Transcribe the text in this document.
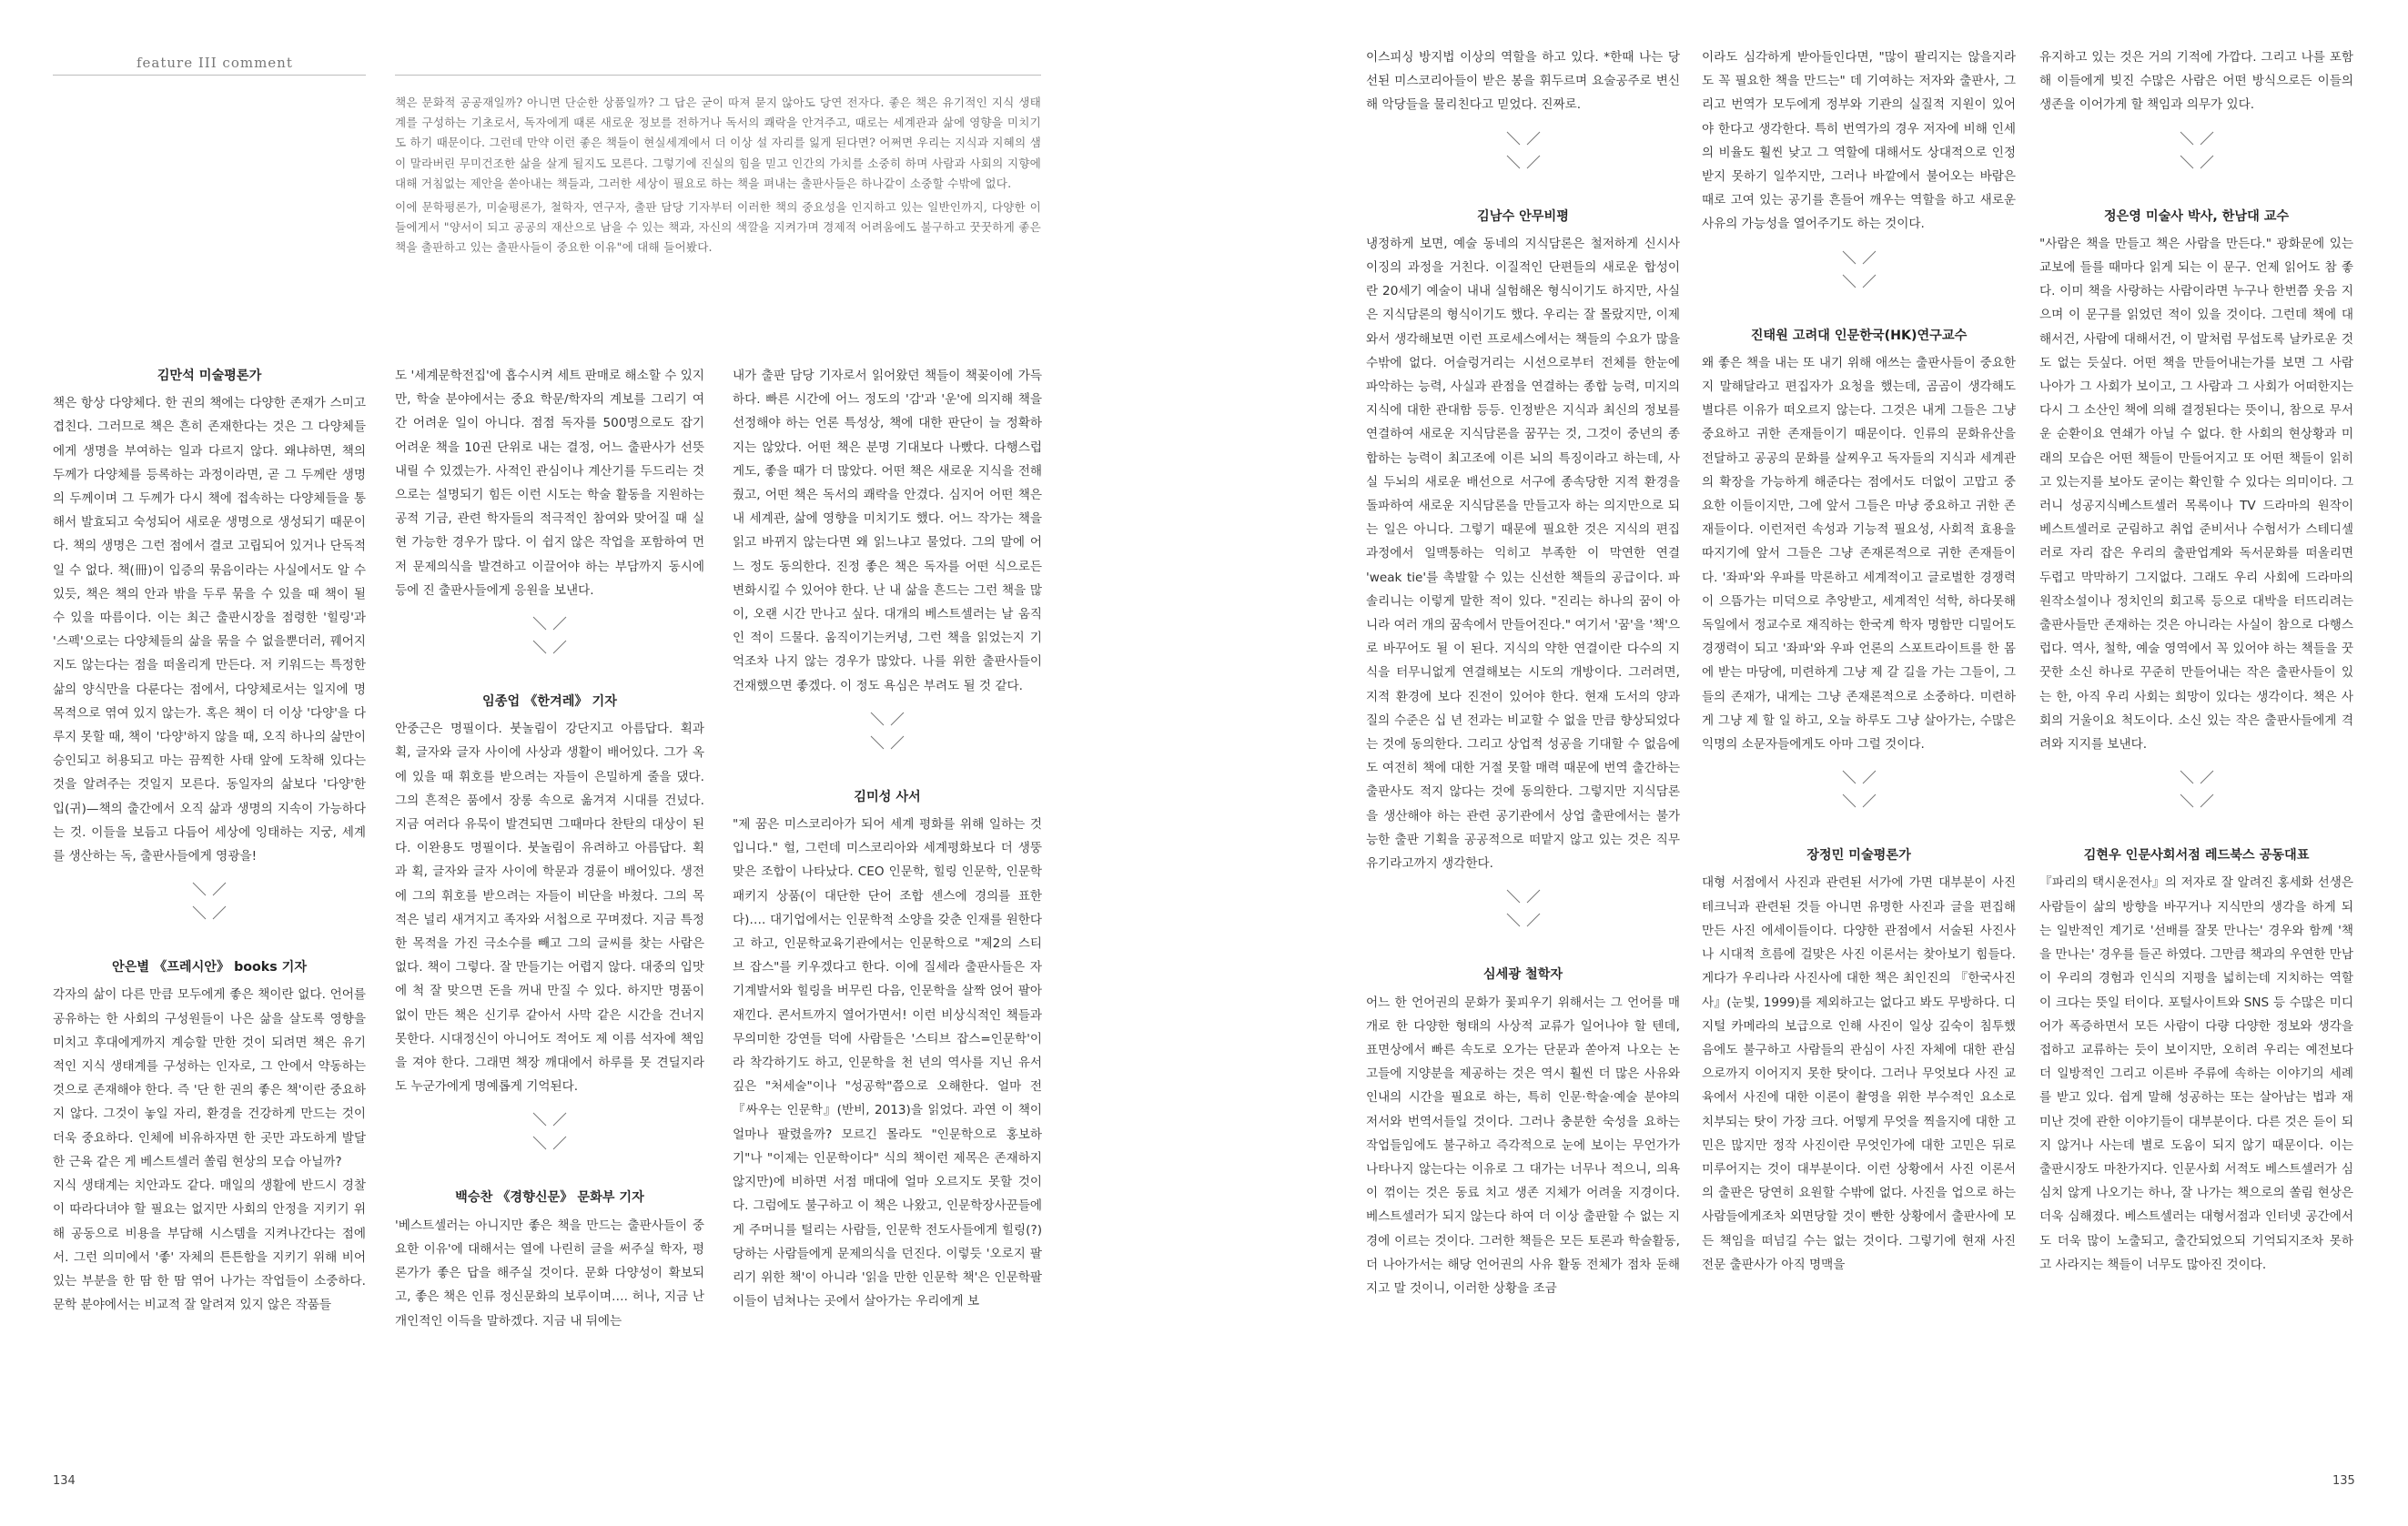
feature III comment

책은 문화적 공공재일까? 아니면 단순한 상품일까? 그 답은 굳이 따져 묻지 않아도 당연 전자다. 좋은 책은 유기적인 지식 생태계를 구성하는 기초로서, 독자에게 때론 새로운 정보를 전하거나 독서의 쾌락을 안겨주고, 때로는 세계관과 삶에 영향을 미치기도 하기 때문이다. 그런데 만약 이런 좋은 책들이 현실세계에서 더 이상 설 자리를 잃게 된다면? 어쩌면 우리는 지식과 지혜의 샘이 말라버린 무미건조한 삶을 살게 될지도 모른다. 그렇기에 진실의 힘을 믿고 인간의 가치를 소중히 하며 사람과 사회의 지향에 대해 거침없는 제안을 쏟아내는 책들과, 그러한 세상이 필요로 하는 책을 펴내는 출판사들은 하나같이 소중할 수밖에 없다.

이에 문학평론가, 미술평론가, 철학자, 연구자, 출판 담당 기자부터 이러한 책의 중요성을 인지하고 있는 일반인까지, 다양한 이들에게서 "양서이 되고 공공의 재산으로 남을 수 있는 책과, 자신의 색깔을 지켜가며 경제적 어려움에도 불구하고 꿋꿋하게 좋은 책을 출판하고 있는 출판사들이 중요한 이유"에 대해 들어봤다.

김만석 미술평론가

책은 항상 다양체다. 한 권의 책에는 다양한 존재가 스미고 겹친다. 그러므로 책은 흔히 존재한다는 것은 그 다양체들에게 생명을 부여하는 일과 다르지 않다. 왜냐하면, 책의 두께가 다양체를 등록하는 과정이라면, 곧 그 두께란 생명의 두께이며 그 두께가 다시 책에 접속하는 다양체들을 통해서 발효되고 숙성되어 새로운 생명으로 생성되기 때문이다. 책의 생명은 그런 점에서 결코 고립되어 있거나 단독적일 수 없다. 책(冊)이 입증의 묶음이라는 사실에서도 알 수 있듯, 책은 책의 안과 밖을 두루 묶을 수 있을 때 책이 될 수 있을 따름이다. 이는 최근 출판시장을 점령한 '힐링'과 '스펙'으로는 다양체들의 삶을 묶을 수 없을뿐더러, 꿰어지지도 않는다는 점을 떠올리게 만든다. 저 키워드는 특정한 삶의 양식만을 다룬다는 점에서, 다양체로서는 일지에 명목적으로 엮여 있지 않는가. 혹은 책이 더 이상 '다양'을 다루지 못할 때, 책이 '다양'하지 않을 때, 오직 하나의 삶만이 승인되고 허용되고 마는 끔찍한 사태 앞에 도착해 있다는 것을 알려주는 것일지 모른다. 동일자의 삶보다 '다양'한 입(귀)—책의 출간에서 오직 삶과 생명의 지속이 가능하다는 것. 이들을 보듬고 다듬어 세상에 잉태하는 지궁, 세계를 생산하는 독, 출판사들에게 영광을!

안은별 《프레시안》 books 기자

각자의 삶이 다른 만큼 모두에게 좋은 책이란 없다. 언어를 공유하는 한 사회의 구성원들이 나은 삶을 살도록 영향을 미치고 후대에게까지 계승할 만한 것이 되려면 책은 유기적인 지식 생태계를 구성하는 인자로, 그 안에서 약동하는 것으로 존재해야 한다. 즉 '단 한 권의 좋은 책'이란 중요하지 않다. 그것이 놓일 자리, 환경을 건강하게 만드는 것이 더욱 중요하다. 인체에 비유하자면 한 곳만 과도하게 발달한 근육 같은 게 베스트셀러 쏠림 현상의 모습 아닐까?

지식 생태계는 치안과도 같다. 매일의 생활에 반드시 경찰이 따라다녀야 할 필요는 없지만 사회의 안정을 지키기 위해 공동으로 비용을 부담해 시스템을 지켜나간다는 점에서. 그런 의미에서 '좋' 자체의 튼튼함을 지키기 위해 비어 있는 부분을 한 땀 한 땀 엮어 나가는 작업들이 소중하다. 문학 분야에서는 비교적 잘 알려져 있지 않은 작품들

도 '세계문학전집'에 흡수시켜 세트 판매로 해소할 수 있지만, 학술 분야에서는 중요 학문/학자의 계보를 그리기 여간 어려운 일이 아니다. 점점 독자를 500명으로도 잡기 어려운 책을 10권 단위로 내는 결정, 어느 출판사가 선뜻 내릴 수 있겠는가. 사적인 관심이나 계산기를 두드리는 것으로는 설명되기 힘든 이런 시도는 학술 활동을 지원하는 공적 기금, 관련 학자들의 적극적인 참여와 맞어질 때 실현 가능한 경우가 많다. 이 쉽지 않은 작업을 포함하여 먼저 문제의식을 발견하고 이끌어야 하는 부담까지 동시에 등에 진 출판사들에게 응원을 보낸다.

임종업 《한겨레》 기자

안중근은 명필이다. 붓놀림이 강단지고 아름답다. 획과 획, 글자와 글자 사이에 사상과 생활이 배어있다. 그가 옥에 있을 때 휘호를 받으려는 자들이 은밀하게 줄을 댔다. 그의 흔적은 품에서 장롱 속으로 옮겨져 시대를 건넜다. 지금 여러다 유묵이 발견되면 그때마다 찬탄의 대상이 된다. 이완용도 명필이다. 붓놀림이 유려하고 아름답다. 획과 획, 글자와 글자 사이에 학문과 경륜이 배어있다. 생전에 그의 휘호를 받으려는 자들이 비단을 바쳤다. 그의 목적은 널리 새겨지고 족자와 서첩으로 꾸며졌다. 지금 특정한 목적을 가진 극소수를 빼고 그의 글씨를 찾는 사람은 없다. 책이 그렇다. 잘 만들기는 어렵지 않다. 대중의 입맛에 척 잘 맞으면 돈을 꺼내 만질 수 있다. 하지만 명품이 없이 만든 책은 신기루 같아서 사막 같은 시간을 건너지 못한다. 시대정신이 아니어도 적어도 제 이름 석자에 책임을 져야 한다. 그래면 책장 깨대에서 하루를 못 견딜지라도 누군가에게 명예롭게 기억된다.

백승찬 《경향신문》 문화부 기자

'베스트셀러는 아니지만 좋은 책을 만드는 출판사들이 중요한 이유'에 대해서는 열에 나린히 글을 써주실 학자, 평론가가 좋은 답을 해주실 것이다. 문화 다양성이 확보되고, 좋은 책은 인류 정신문화의 보루이며…. 허나, 지금 난 개인적인 이득을 말하겠다. 지금 내 뒤에는

내가 출판 담당 기자로서 읽어왔던 책들이 책꽂이에 가득하다. 빠른 시간에 어느 정도의 '감'과 '운'에 의지해 책을 선정해야 하는 언론 특성상, 책에 대한 판단이 늘 정확하지는 않았다. 어떤 책은 분명 기대보다 나빴다. 다행스럽게도, 좋을 때가 더 많았다. 어떤 책은 새로운 지식을 전해줬고, 어떤 책은 독서의 쾌락을 안겼다. 심지어 어떤 책은 내 세계관, 삶에 영향을 미치기도 했다. 어느 작가는 책을 읽고 바뀌지 않는다면 왜 읽느냐고 물었다. 그의 말에 어느 정도 동의한다. 진정 좋은 책은 독자를 어떤 식으로든 변화시킬 수 있어야 한다. 난 내 삶을 흔드는 그런 책을 많이, 오랜 시간 만나고 싶다. 대개의 베스트셀러는 날 움직인 적이 드물다. 움직이기는커녕, 그런 책을 읽었는지 기억조차 나지 않는 경우가 많았다. 나를 위한 출판사들이 건재했으면 좋겠다. 이 정도 욕심은 부려도 될 것 같다.

김미성 사서

"제 꿈은 미스코리아가 되어 세계 평화를 위해 일하는 것입니다." 헐, 그런데 미스코리아와 세계평화보다 더 생뚱맞은 조합이 나타났다. CEO 인문학, 힐링 인문학, 인문학 패키지 상품(이 대단한 단어 조합 센스에 경의를 표한다)…. 대기업에서는 인문학적 소양을 갖춘 인재를 원한다고 하고, 인문학교육기관에서는 인문학으로 "제2의 스티브 잡스"를 키우겠다고 한다. 이에 질세라 출판사들은 자기계발서와 힐링을 버무린 다음, 인문학을 살짝 얹어 팔아 재낀다. 콘서트까지 열어가면서! 이런 비상식적인 책들과 무의미한 강연들 덕에 사람들은 '스티브 잡스=인문학'이라 착각하기도 하고, 인문학을 천 년의 역사를 지닌 유서 깊은 "처세술"이나 "성공학"쯤으로 오해한다. 얼마 전 『싸우는 인문학』(반비, 2013)을 읽었다. 과연 이 책이 얼마나 팔렸을까? 모르긴 몰라도 "인문학으로 홍보하기"나 "이제는 인문학이다" 식의 책이런 제목은 존재하지 않지만)에 비하면 서점 매대에 얼마 오르지도 못할 것이다. 그럼에도 불구하고 이 책은 나왔고, 인문학장사꾼들에게 주머니를 털리는 사람들, 인문학 전도사들에게 힐링(?)당하는 사람들에게 문제의식을 던진다. 이렇듯 '오로지 팔리기 위한 책'이 아니라 '읽을 만한 인문학 책'은 인문학팔이들이 넘쳐나는 곳에서 살아가는 우리에게 보

134

이스피싱 방지법 이상의 역할을 하고 있다. *한때 나는 당선된 미스코리아들이 받은 봉을 휘두르며 요술공주로 변신해 악당들을 물리친다고 믿었다. 진짜로.

김남수 안무비평

냉정하게 보면, 예술 동네의 지식담론은 철저하게 신시사 이징의 과정을 거친다. 이질적인 단편들의 새로운 합성이란 20세기 예술이 내내 실험해온 형식이기도 하지만, 사실은 지식담론의 형식이기도 했다. 우리는 잘 몰랐지만, 이제 와서 생각해보면 이런 프로세스에서는 책들의 수요가 많을 수밖에 없다. 어슬렁거리는 시선으로부터 전체를 한눈에 파악하는 능력, 사실과 관점을 연결하는 종합 능력, 미지의 지식에 대한 관대함 등등. 인정받은 지식과 최신의 정보를 연결하여 새로운 지식담론을 꿈꾸는 것, 그것이 중년의 종합하는 능력이 최고조에 이른 뇌의 특징이라고 하는데, 사실 두뇌의 새로운 배선으로 서구에 종속당한 지적 환경을 돌파하여 새로운 지식담론을 만들고자 하는 의지만으로 되는 일은 아니다. 그렇기 때문에 필요한 것은 지식의 편집 과정에서 일맥통하는 익히고 부족한 이 막연한 연결 'weak tie'를 촉발할 수 있는 신선한 책들의 공급이다. 파솔리니는 이렇게 말한 적이 있다. "진리는 하나의 꿈이 아니라 여러 개의 꿈속에서 만들어진다." 여기서 '꿈'을 '책'으로 바꾸어도 될 이 된다. 지식의 약한 연결이란 다수의 지식을 터무니없게 연결해보는 시도의 개방이다. 그러려면, 지적 환경에 보다 진전이 있어야 한다. 현재 도서의 양과 질의 수준은 십 년 전과는 비교할 수 없을 만큼 향상되었다는 것에 동의한다. 그리고 상업적 성공을 기대할 수 없음에도 여전히 책에 대한 거절 못할 매력 때문에 번역 출간하는 출판사도 적지 않다는 것에 동의한다. 그렇지만 지식담론을 생산해야 하는 관련 공기관에서 상업 출판에서는 불가능한 출판 기획을 공공적으로 떠맡지 않고 있는 것은 직무유기라고까지 생각한다.

심세광 철학자

어느 한 언어권의 문화가 꽃피우기 위해서는 그 언어를 매개로 한 다양한 형태의 사상적 교류가 일어나야 할 텐데, 표면상에서 빠른 속도로 오가는 단문과 쏟아져 나오는 논고들에 지양분을 제공하는 것은 역시 훨씬 더 많은 사유와 인내의 시간을 필요로 하는, 특히 인문·학술·예술 분야의 저서와 번역서들일 것이다. 그러나 충분한 숙성을 요하는 작업들임에도 불구하고 즉각적으로 눈에 보이는 무언가가 나타나지 않는다는 이유로 그 대가는 너무나 적으니, 의욕이 꺾이는 것은 동료 치고 생존 지체가 어려울 지경이다. 베스트셀러가 되지 않는다 하여 더 이상 출판할 수 없는 지경에 이르는 것이다. 그러한 책들은 모든 토론과 학술활동, 더 나아가서는 해당 언어권의 사유 활동 전체가 점차 둔해지고 말 것이니, 이러한 상황을 조금

이라도 심각하게 받아들인다면, "많이 팔리지는 않을지라도 꼭 필요한 책을 만드는" 데 기여하는 저자와 출판사, 그리고 번역가 모두에게 정부와 기관의 실질적 지원이 있어야 한다고 생각한다. 특히 번역가의 경우 저자에 비해 인세의 비율도 훨씬 낮고 그 역할에 대해서도 상대적으로 인정받지 못하기 일쑤지만, 그러나 바깥에서 불어오는 바람은 때로 고여 있는 공기를 흔들어 깨우는 역할을 하고 새로운 사유의 가능성을 열어주기도 하는 것이다.

진태원 고려대 인문한국(HK)연구교수

왜 좋은 책을 내는 또 내기 위해 애쓰는 출판사들이 중요한지 말해달라고 편집자가 요청을 했는데, 곰곰이 생각해도 별다른 이유가 떠오르지 않는다. 그것은 내게 그들은 그냥 중요하고 귀한 존재들이기 때문이다. 인류의 문화유산을 전달하고 공공의 문화를 살찌우고 독자들의 지식과 세계관의 확장을 가능하게 해준다는 점에서도 더없이 고맙고 중요한 이들이지만, 그에 앞서 그들은 마냥 중요하고 귀한 존재들이다. 이런저런 속성과 기능적 필요성, 사회적 효용을 따지기에 앞서 그들은 그냥 존재론적으로 귀한 존재들이다. '좌파'와 우파를 막론하고 세계적이고 글로벌한 경쟁력이 으뜸가는 미덕으로 추앙받고, 세계적인 석학, 하다못해 독일에서 정교수로 재직하는 한국계 학자 명함만 디밀어도 경쟁력이 되고 '좌파'와 우파 언론의 스포트라이트를 한 몸에 받는 마당에, 미련하게 그냥 제 갈 길을 가는 그들이, 그들의 존재가, 내게는 그냥 존재론적으로 소중하다. 미련하게 그냥 제 할 일 하고, 오늘 하루도 그냥 살아가는, 수많은 익명의 소문자들에게도 아마 그럴 것이다.

장정민 미술평론가

대형 서점에서 사진과 관련된 서가에 가면 대부분이 사진 테크닉과 관련된 것들 아니면 유명한 사진과 글을 편집해 만든 사진 에세이들이다. 다양한 관점에서 서술된 사진사나 시대적 흐름에 걸맞은 사진 이론서는 찾아보기 힘들다. 게다가 우리나라 사진사에 대한 책은 최인진의 『한국사진사』(눈빛, 1999)를 제외하고는 없다고 봐도 무방하다. 디지털 카메라의 보급으로 인해 사진이 일상 깊숙이 침투했음에도 불구하고 사람들의 관심이 사진 자체에 대한 관심으로까지 이어지지 못한 탓이다. 그러나 무엇보다 사진 교육에서 사진에 대한 이론이 촬영을 위한 부수적인 요소로 치부되는 탓이 가장 크다. 어떻게 무엇을 찍을지에 대한 고민은 많지만 정작 사진이란 무엇인가에 대한 고민은 뒤로 미루어지는 것이 대부분이다. 이런 상황에서 사진 이론서의 출판은 당연히 요원할 수밖에 없다. 사진을 업으로 하는 사람들에게조차 외면당할 것이 빤한 상황에서 출판사에 모든 책임을 떠넘길 수는 없는 것이다. 그렇기에 현재 사진 전문 출판사가 아직 명맥을

유지하고 있는 것은 거의 기적에 가깝다. 그리고 나를 포함해 이들에게 빚진 수많은 사람은 어떤 방식으로든 이들의 생존을 이어가게 할 책임과 의무가 있다.

정은영 미술사 박사, 한남대 교수

"사람은 책을 만들고 책은 사람을 만든다." 광화문에 있는 교보에 들를 때마다 읽게 되는 이 문구. 언제 읽어도 참 좋다. 이미 책을 사랑하는 사람이라면 누구나 한번쯤 웃음 지으며 이 문구를 읽었던 적이 있을 것이다. 그런데 책에 대해서건, 사람에 대해서건, 이 말처럼 무섭도록 날카로운 것도 없는 듯싶다. 어떤 책을 만들어내는가를 보면 그 사람 나아가 그 사회가 보이고, 그 사람과 그 사회가 어떠한지는 다시 그 소산인 책에 의해 결정된다는 뜻이니, 참으로 무서운 순환이요 연쇄가 아닐 수 없다. 한 사회의 현상황과 미래의 모습은 어떤 책들이 만들어지고 또 어떤 책들이 읽히고 있는지를 보아도 굳이는 확인할 수 있다는 의미이다. 그러니 성공지식베스트셀러 목록이나 TV 드라마의 원작이 베스트셀러로 군림하고 취업 준비서나 수험서가 스테디셀러로 자리 잡은 우리의 출판업계와 독서문화를 떠올리면 두렵고 막막하기 그지없다. 그래도 우리 사회에 드라마의 원작소설이나 정치인의 회고록 등으로 대박을 터뜨리려는 출판사들만 존재하는 것은 아니라는 사실이 참으로 다행스럽다. 역사, 철학, 예술 영역에서 꼭 있어야 하는 책들을 꿋꿋한 소신 하나로 꾸준히 만들어내는 작은 출판사들이 있는 한, 아직 우리 사회는 희망이 있다는 생각이다. 책은 사회의 거울이요 척도이다. 소신 있는 작은 출판사들에게 격려와 지지를 보낸다.

김현우 인문사회서점 레드북스 공동대표

『파리의 택시운전사』의 저자로 잘 알려진 홍세화 선생은 사람들이 삶의 방향을 바꾸거나 지식만의 생각을 하게 되는 일반적인 계기로 '선배를 잘못 만나는' 경우와 함께 '책을 만나는' 경우를 들곤 하였다. 그만큼 책과의 우연한 만남이 우리의 경험과 인식의 지평을 넓히는데 지치하는 역할이 크다는 뜻일 터이다. 포털사이트와 SNS 등 수많은 미디어가 폭증하면서 모든 사람이 다량 다양한 정보와 생각을 접하고 교류하는 듯이 보이지만, 오히려 우리는 예전보다 더 일방적인 그리고 이른바 주류에 속하는 이야기의 세례를 받고 있다. 쉽게 말해 성공하는 또는 살아남는 법과 재미난 것에 관한 이야기들이 대부분이다. 다른 것은 듣이 되지 않거나 사는데 별로 도움이 되지 않기 때문이다. 이는 출판시장도 마찬가지다. 인문사회 서적도 베스트셀러가 심심치 않게 나오기는 하나, 잘 나가는 책으로의 쏠림 현상은 더욱 심해졌다. 베스트셀러는 대형서점과 인터넷 공간에서도 더욱 많이 노출되고, 출간되었으되 기억되지조차 못하고 사라지는 책들이 너무도 많아진 것이다.

135
